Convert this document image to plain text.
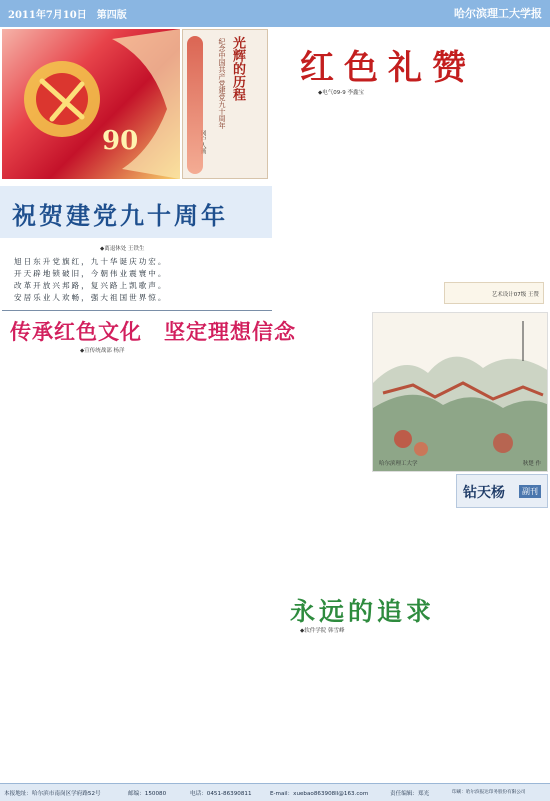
2011年7月10日　第四版	哈尔滨理工大学报
光辉的历程
纪念中国共产党建党九十周年
90
红色礼赞
◆电气09-9 李鑫宝
艺术设计07级 王赞
祝贺建党九十周年
◆离退休处 王铁生
旭日东升党旗红，九十华诞庆功宏。
开天辟地锁破旧，今朝伟业震寰中。
改革开放兴邦路，复兴路上凯歌声。
安居乐业人欢畅，强大祖国世界惊。
传承红色文化　坚定理想信念
◆宣传统战部 杨洋
哈尔滨理工大学	秋楚 作
钻天杨	副刊
永远的追求
◆软件学院 韩雪峰
本报地址：哈尔滨市南岗区学府路52号	邮编：150080	电话：0451-86390811	E-mail：xuebao863908ll@163.com	责任编辑：郑光	印刷：哈尔滨报达印务股份有限公司
